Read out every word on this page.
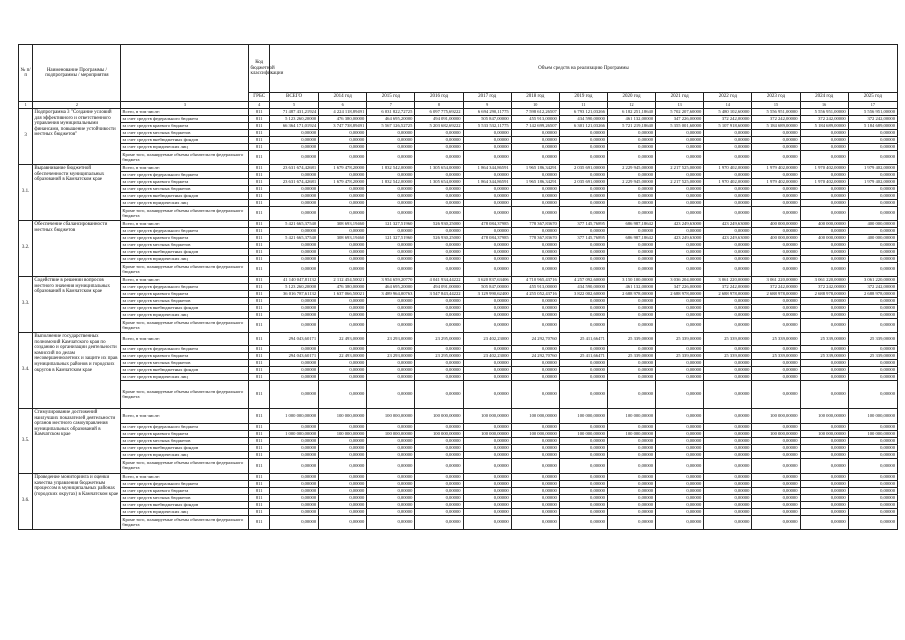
№ п/п	Наименование Программы / подпрограммы / мероприятия		Код бюджетной классификации	Объем средств на реализацию Программы												
			ГРБС	ВСЕГО	2014 год	2015 год	2016 год	2017 год	2018 год	2019 год	2020 год	2021 год	2022 год	2023 год	2024 год	2025 год
1	2	3	4	5	6	7	8	9	10	11	12	13	14	15	16	17
3	Подпрограмма 3 "Создание условий для эффективного и ответственного управления муниципальными финансами, повышение устойчивости местных бюджетов"	Всего, в том числе:	811	71 487 431,21924	4 224 118,89491	6 031 822,72725	6 097 775,69222	6 694 290,11775	7 598 612,26507	6 793 121,03266	6 182 251,18640	5 702 207,60000	5 480 102,60000	5 556 951,00000	5 556 951,00000	5 556 951,00000
		за счет средств федерального бюджета	811	5 123 260,20000	476 380,00000	464 695,20000	494 091,00000	505 847,00000	455 913,00000	434 590,00000	461 132,00000	347 226,00000	372 242,00000	372 242,00000	372 242,00000	372 242,00000
		за счет средств краевого бюджета	811	66 364 171,01924	3 747 738,89491	5 567 126,52725	5 203 682,69222	5 533 532,11775	7 142 699,26507	6 301 121,03266	5 721 219,18640	5 355 001,60000	5 107 918,60000	5 184 689,00000	5 184 689,00000	5 184 689,00000
		за счет средств местных бюджетов	811	0,00000	0,00000	0,00000	0,00000	0,00000	0,00000	0,00000	0,00000	0,00000	0,00000	0,00000	0,00000	0,00000
		за счет средств внебюджетных фондов	811	0,00000	0,00000	0,00000	0,00000	0,00000	0,00000	0,00000	0,00000	0,00000	0,00000	0,00000	0,00000	0,00000
		за счет средств юридических лиц	811	0,00000	0,00000	0,00000	0,00000	0,00000	0,00000	0,00000	0,00000	0,00000	0,00000	0,00000	0,00000	0,00000
		Кроме того, планируемые объемы обязательств федерального бюджета	811	0,00000	0,00000	0,00000	0,00000	0,00000	0,00000	0,00000	0,00000	0,00000	0,00000	0,00000	0,00000	0,00000
3.1.	Выравнивание бюджетной обеспеченности муниципальных образований в Камчатском крае	Всего, в том числе:	811	23 631 674,42681	1 679 478,20000	1 832 542,00000	1 305 654,00000	1 864 344,86591	1 965 186,34291	2 035 691,00000	2 229 945,00000	2 217 525,00000	1 970 402,00000	1 979 402,00000	1 970 402,00000	1 979 402,00000
		за счет средств федерального бюджета	811	0,00000	0,00000	0,00000	0,00000	0,00000	0,00000	0,00000	0,00000	0,00000	0,00000	0,00000	0,00000	0,00000
		за счет средств краевого бюджета	811	23 631 674,42681	1 679 478,20000	1 832 542,00000	1 305 654,00000	1 864 344,86591	1 965 186,34291	2 035 691,00000	2 229 945,00000	2 217 525,00000	1 970 402,00000	1 979 402,00000	1 970 402,00000	1 979 402,00000
		за счет средств местных бюджетов	811	0,00000	0,00000	0,00000	0,00000	0,00000	0,00000	0,00000	0,00000	0,00000	0,00000	0,00000	0,00000	0,00000
		за счет средств внебюджетных фондов	811	0,00000	0,00000	0,00000	0,00000	0,00000	0,00000	0,00000	0,00000	0,00000	0,00000	0,00000	0,00000	0,00000
		за счет средств юридических лиц	811	0,00000	0,00000	0,00000	0,00000	0,00000	0,00000	0,00000	0,00000	0,00000	0,00000	0,00000	0,00000	0,00000
		Кроме того, планируемые объемы обязательств федерального бюджета	811	0,00000	0,00000	0,00000	0,00000	0,00000	0,00000	0,00000	0,00000	0,00000	0,00000	0,00000	0,00000	0,00000
3.2.	Обеспечение сбалансированности местных бюджетов	Всего, в том числе:	811	5 421 665,37540	308 693,19460	121 327,51960	526 930,25000	478 084,37985	778 367,83670	377 145,76895	686 987,18642	423 249,63000	423 249,63000	400 000,00000	400 000,00000	400 000,00000
		за счет средств федерального бюджета	811	0,00000	0,00000	0,00000	0,00000	0,00000	0,00000	0,00000	0,00000	0,00000	0,00000	0,00000	0,00000	0,00000
		за счет средств краевого бюджета	811	5 421 665,37540	308 693,19460	121 327,51960	526 930,25000	478 084,37985	778 367,83670	377 145,76895	686 987,18642	423 249,63000	423 249,63000	400 000,00000	400 000,00000	400 000,00000
		за счет средств местных бюджетов	811	0,00000	0,00000	0,00000	0,00000	0,00000	0,00000	0,00000	0,00000	0,00000	0,00000	0,00000	0,00000	0,00000
		за счет средств внебюджетных фондов	811	0,00000	0,00000	0,00000	0,00000	0,00000	0,00000	0,00000	0,00000	0,00000	0,00000	0,00000	0,00000	0,00000
		за счет средств юридических лиц	811	0,00000	0,00000	0,00000	0,00000	0,00000	0,00000	0,00000	0,00000	0,00000	0,00000	0,00000	0,00000	0,00000
		Кроме того, планируемые объемы обязательств федерального бюджета	811	0,00000	0,00000	0,00000	0,00000	0,00000	0,00000	0,00000	0,00000	0,00000	0,00000	0,00000	0,00000	0,00000
3.3.	Содействие в решении вопросов местного значения муниципальных образований в Камчатском крае	Всего, в том числе:	811	41 140 047,81132	2 112 454,50021	3 954 659,20770	4 041 934,44222	3 620 837,63406	4 710 965,43716	4 257 092,60000	3 150 100,00000	3 036 204,00000	3 061 220,00000	3 061 220,00000	3 061 220,00000	3 061 220,00000
		за счет средств федерального бюджета	811	5 123 260,20000	476 380,00000	464 695,20000	494 091,00000	505 847,00000	455 913,00000	434 590,00000	461 132,00000	347 226,00000	372 242,00000	372 242,00000	372 242,00000	372 242,00000
		за счет средств краевого бюджета	811	36 016 787,61132	1 637 066,50021	3 489 964,00763	3 547 843,44222	3 129 990,62400	4 255 052,43716	3 822 002,60000	2 688 978,00000	2 688 978,00000	2 688 978,00000	2 688 978,00000	2 688 978,00000	2 688 978,00000
		за счет средств местных бюджетов	811	0,00000	0,00000	0,00000	0,00000	0,00000	0,00000	0,00000	0,00000	0,00000	0,00000	0,00000	0,00000	0,00000
		за счет средств внебюджетных фондов	811	0,00000	0,00000	0,00000	0,00000	0,00000	0,00000	0,00000	0,00000	0,00000	0,00000	0,00000	0,00000	0,00000
		за счет средств юридических лиц	811	0,00000	0,00000	0,00000	0,00000	0,00000	0,00000	0,00000	0,00000	0,00000	0,00000	0,00000	0,00000	0,00000
		Кроме того, планируемые объемы обязательств федерального бюджета	811	0,00000	0,00000	0,00000	0,00000	0,00000	0,00000	0,00000	0,00000	0,00000	0,00000	0,00000	0,00000	0,00000
3.4.	Выполнение государственных полномочий Камчатского края по созданию и организации деятельности комиссий по делам несовершеннолетних и защите их прав муниципальных районов и городских округов в Камчатском крае	Всего, в том числе:	811	294 043,60171	22 493,00000	23 293,00000	23 295,00000	23 402,23000	24 292,70760	25 411,66471	25 339,00000	25 339,00000	25 339,00000	25 339,00000	25 339,00000	25 339,00000
		за счет средств федерального бюджета	811	0,00000	0,00000	0,00000	0,00000	0,00000	0,00000	0,00000	0,00000	0,00000	0,00000	0,00000	0,00000	0,00000
		за счет средств краевого бюджета	811	294 043,60171	22 493,00000	23 293,00000	23 295,00000	23 402,23000	24 292,70760	25 411,66471	25 339,00000	25 339,00000	25 339,00000	25 339,00000	25 339,00000	25 339,00000
		за счет средств местных бюджетов	811	0,00000	0,00000	0,00000	0,00000	0,00000	0,00000	0,00000	0,00000	0,00000	0,00000	0,00000	0,00000	0,00000
		за счет средств внебюджетных фондов	811	0,00000	0,00000	0,00000	0,00000	0,00000	0,00000	0,00000	0,00000	0,00000	0,00000	0,00000	0,00000	0,00000
		за счет средств юридических лиц	811	0,00000	0,00000	0,00000	0,00000	0,00000	0,00000	0,00000	0,00000	0,00000	0,00000	0,00000	0,00000	0,00000
		Кроме того, планируемые объемы обязательств федерального бюджета	811	0,00000	0,00000	0,00000	0,00000	0,00000	0,00000	0,00000	0,00000	0,00000	0,00000	0,00000	0,00000	0,00000
3.5.	Стимулирование достижений наилучших показателей деятельности органов местного самоуправления муниципальных образований в Камчатском крае	Всего, в том числе:	811	1 000 000,00000	100 000,00000	100 000,00000	100 000,00000	100 000,00000	100 000,00000	100 000,00000	100 000,00000	0,00000	0,00000	100 000,00000	100 000,00000	100 000,00000
		за счет средств федерального бюджета	811	0,00000	0,00000	0,00000	0,00000	0,00000	0,00000	0,00000	0,00000	0,00000	0,00000	0,00000	0,00000	0,00000
		за счет средств краевого бюджета	811	1 000 000,00000	100 000,00000	100 000,00000	100 000,00000	100 000,00000	100 000,00000	100 000,00000	100 000,00000	0,00000	0,00000	100 000,00000	100 000,00000	100 000,00000
		за счет средств местных бюджетов	811	0,00000	0,00000	0,00000	0,00000	0,00000	0,00000	0,00000	0,00000	0,00000	0,00000	0,00000	0,00000	0,00000
		за счет средств внебюджетных фондов	811	0,00000	0,00000	0,00000	0,00000	0,00000	0,00000	0,00000	0,00000	0,00000	0,00000	0,00000	0,00000	0,00000
		за счет средств юридических лиц	811	0,00000	0,00000	0,00000	0,00000	0,00000	0,00000	0,00000	0,00000	0,00000	0,00000	0,00000	0,00000	0,00000
		Кроме того, планируемые объемы обязательств федерального бюджета	811	0,00000	0,00000	0,00000	0,00000	0,00000	0,00000	0,00000	0,00000	0,00000	0,00000	0,00000	0,00000	0,00000
3.6.	Проведение мониторинга и оценки качества управления бюджетным процессом в муниципальных районах (городских округах) в Камчатском крае	Всего, в том числе:	811	0,00000	0,00000	0,00000	0,00000	0,00000	0,00000	0,00000	0,00000	0,00000	0,00000	0,00000	0,00000	0,00000
		за счет средств федерального бюджета	811	0,00000	0,00000	0,00000	0,00000	0,00000	0,00000	0,00000	0,00000	0,00000	0,00000	0,00000	0,00000	0,00000
		за счет средств краевого бюджета	811	0,00000	0,00000	0,00000	0,00000	0,00000	0,00000	0,00000	0,00000	0,00000	0,00000	0,00000	0,00000	0,00000
		за счет средств местных бюджетов	811	0,00000	0,00000	0,00000	0,00000	0,00000	0,00000	0,00000	0,00000	0,00000	0,00000	0,00000	0,00000	0,00000
		за счет средств внебюджетных фондов	811	0,00000	0,00000	0,00000	0,00000	0,00000	0,00000	0,00000	0,00000	0,00000	0,00000	0,00000	0,00000	0,00000
		за счет средств юридических лиц	811	0,00000	0,00000	0,00000	0,00000	0,00000	0,00000	0,00000	0,00000	0,00000	0,00000	0,00000	0,00000	0,00000
		Кроме того, планируемые объемы обязательств федерального бюджета	811	0,00000	0,00000	0,00000	0,00000	0,00000	0,00000	0,00000	0,00000	0,00000	0,00000	0,00000	0,00000	0,00000
